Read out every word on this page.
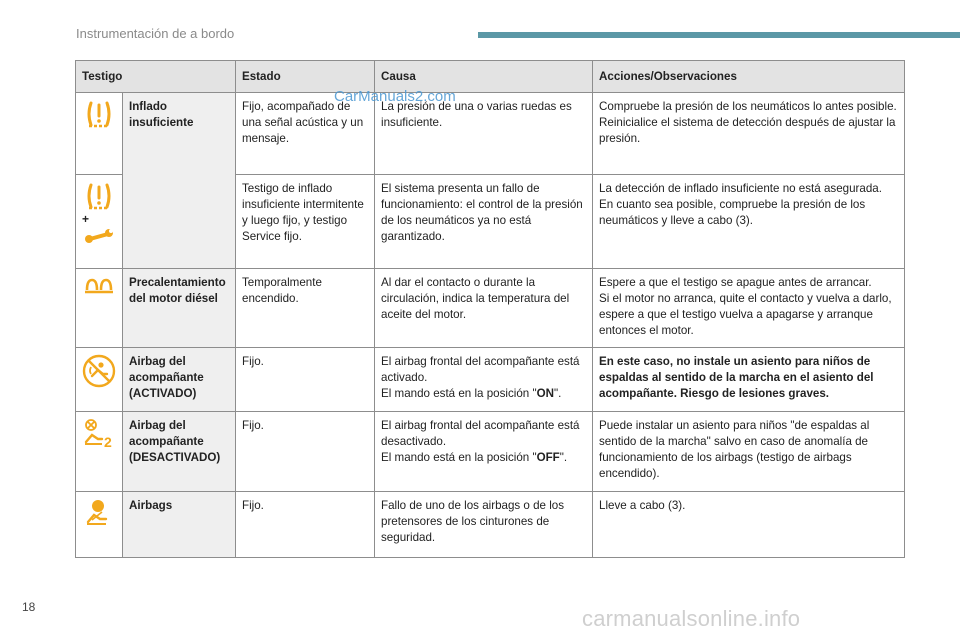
Instrumentación de a bordo
Testigo		Estado	Causa	Acciones/Observaciones

	Inflado insuficiente	Fijo, acompañado de una señal acústica y un mensaje.	La presión de una o varias ruedas es insuficiente.	Compruebe la presión de los neumáticos lo antes posible.
Reinicialice el sistema de detección después de ajustar la presión.

+		Testigo de inflado insuficiente intermitente y luego fijo, y testigo Service fijo.	El sistema presenta un fallo de funcionamiento: el control de la presión de los neumáticos ya no está garantizado.	La detección de inflado insuficiente no está asegurada.
En cuanto sea posible, compruebe la presión de los neumáticos y lleve a cabo (3).

	Precalentamiento del motor diésel	Temporalmente encendido.	Al dar el contacto o durante la circulación, indica la temperatura del aceite del motor.	Espere a que el testigo se apague antes de arrancar.
Si el motor no arranca, quite el contacto y vuelva a darlo, espere a que el testigo vuelva a apagarse y arranque entonces el motor.

	Airbag del acompañante (ACTIVADO)	Fijo.	El airbag frontal del acompañante está activado.
El mando está en la posición "ON".	En este caso, no instale un asiento para niños de espaldas al sentido de la marcha en el asiento del acompañante. Riesgo de lesiones graves.

2	Airbag del acompañante (DESACTIVADO)	Fijo.	El airbag frontal del acompañante está desactivado.
El mando está en la posición "OFF".	Puede instalar un asiento para niños "de espaldas al sentido de la marcha" salvo en caso de anomalía de funcionamiento de los airbags (testigo de airbags encendido).

	Airbags	Fijo.	Fallo de uno de los airbags o de los pretensores de los cinturones de seguridad.	Lleve a cabo (3).
CarManuals2.com
18	carmanualsonline.info
